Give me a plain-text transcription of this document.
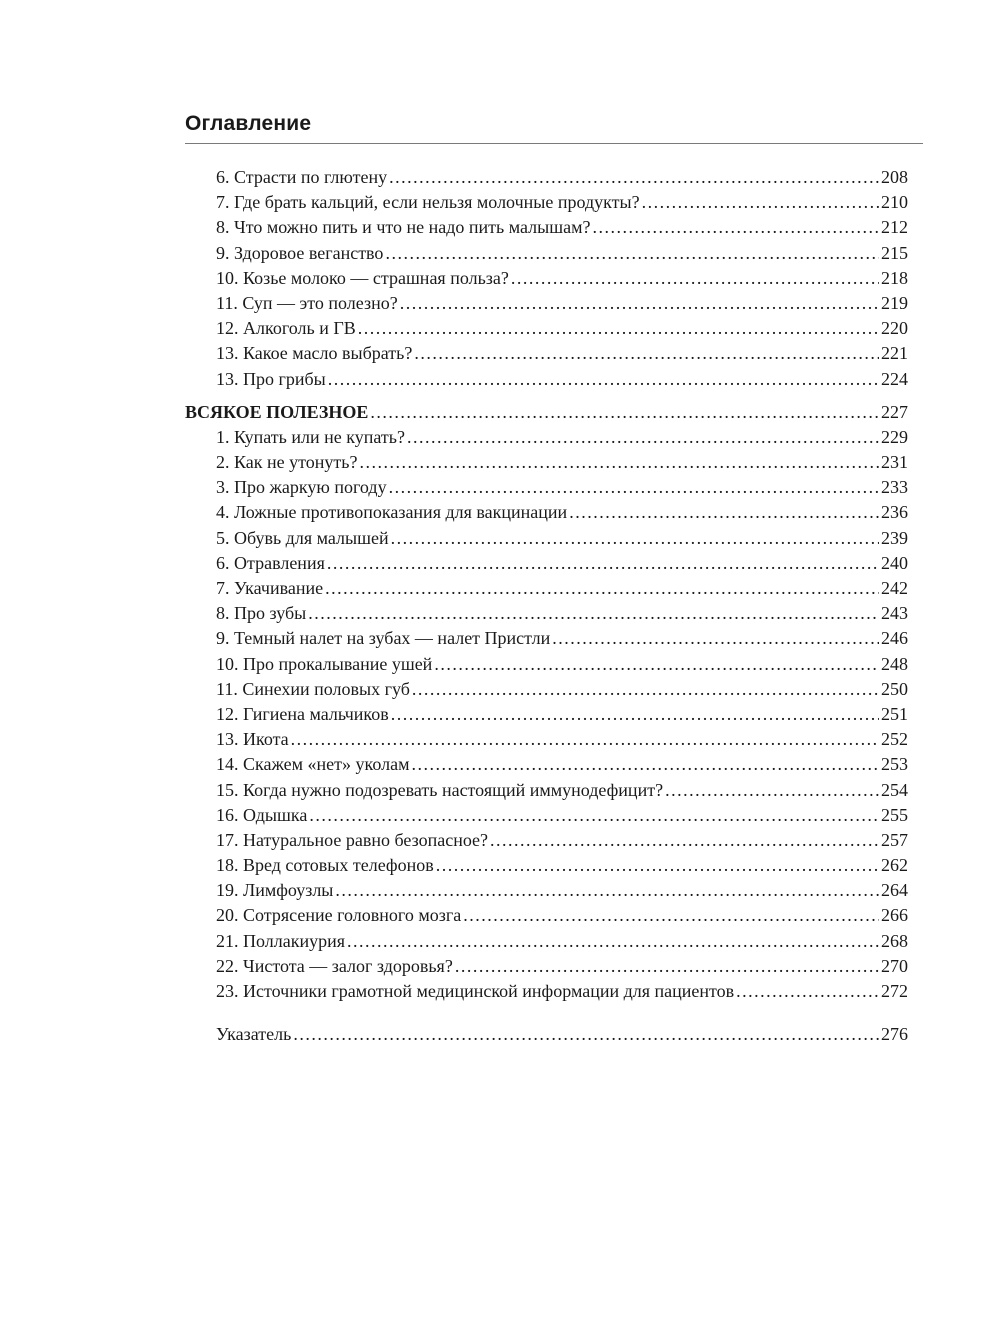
Оглавление
6. Страсти по глютену .....	208
7. Где брать кальций, если нельзя молочные продукты? .....	210
8. Что можно пить и что не надо пить малышам? .....	212
9. Здоровое веганство .....	215
10. Козье молоко — страшная польза? .....	218
11. Суп — это полезно? .....	219
12. Алкоголь и ГВ .....	220
13. Какое масло выбрать? .....	221
13. Про грибы .....	224
ВСЯКОЕ ПОЛЕЗНОЕ .....	227
1. Купать или не купать? .....	229
2. Как не утонуть? .....	231
3. Про жаркую погоду .....	233
4. Ложные противопоказания для вакцинации .....	236
5. Обувь для малышей .....	239
6. Отравления .....	240
7. Укачивание .....	242
8. Про зубы .....	243
9. Темный налет на зубах — налет Пристли .....	246
10. Про прокалывание ушей .....	248
11. Синехии половых губ .....	250
12. Гигиена мальчиков .....	251
13. Икота .....	252
14. Скажем «нет» уколам .....	253
15. Когда нужно подозревать настоящий иммунодефицит? .....	254
16. Одышка .....	255
17. Натуральное равно безопасное? .....	257
18. Вред сотовых телефонов .....	262
19. Лимфоузлы .....	264
20. Сотрясение головного мозга .....	266
21. Поллакиурия .....	268
22. Чистота — залог здоровья? .....	270
23. Источники грамотной медицинской информации для пациентов .....	272
Указатель .....	276
